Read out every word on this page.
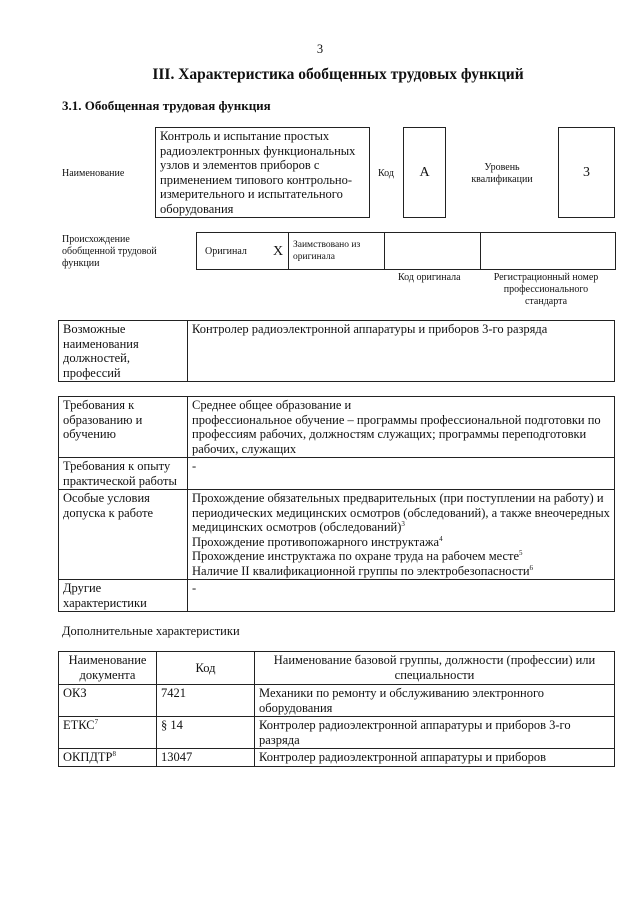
3
III. Характеристика обобщенных трудовых функций
3.1. Обобщенная трудовая функция
Наименование
Контроль и испытание простых радиоэлектронных функциональных узлов и элементов приборов с применением типового контрольно-измерительного и испытательного оборудования
Код A	Уровень квалификации	3
Происхождение обобщенной трудовой функции
Оригинал X Заимствовано из оригинала
Код оригинала	Регистрационный номер профессионального стандарта
Возможные наименования должностей, профессий	Контролер радиоэлектронной аппаратуры и приборов 3-го разряда
Требования к образованию и обучению	Среднее общее образование и
профессиональное обучение – программы профессиональной подготовки по профессиям рабочих, должностям служащих; программы переподготовки рабочих, служащих

Требования к опыту практической работы	-
Особые условия допуска к работе	Прохождение обязательных предварительных (при поступлении на работу) и периодических медицинских осмотров (обследований), а также внеочередных медицинских осмотров (обследований)$^3$
Прохождение противопожарного инструктажа$^4$
Прохождение инструктажа по охране труда на рабочем месте$^5$
Наличие II квалификационной группы по электробезопасности$^6$

Другие характеристики	-
Дополнительные характеристики
Наименование документа	Код	Наименование базовой группы, должности (профессии) или специальности
ОКЗ	7421	Механики по ремонту и обслуживанию электронного оборудования
ЕТКС$^7$	§ 14	Контролер радиоэлектронной аппаратуры и приборов 3-го разряда
ОКПДТР$^8$	13047	Контролер радиоэлектронной аппаратуры и приборов
